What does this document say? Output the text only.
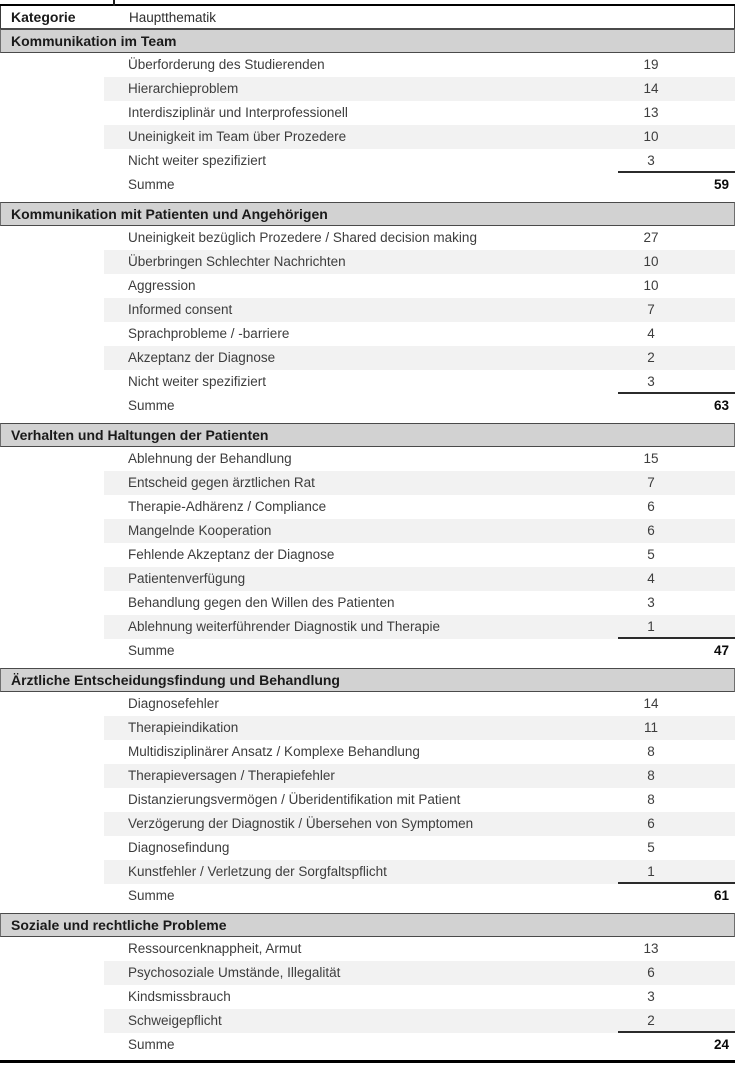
Kategorie	Hauptthematik
Kommunikation im Team
Überforderung des Studierenden	19
Hierarchieproblem	14
Interdisziplinär und Interprofessionell	13
Uneinigkeit im Team über Prozedere	10
Nicht weiter spezifiziert	3
Summe	59
Kommunikation mit Patienten und Angehörigen
Uneinigkeit bezüglich Prozedere / Shared decision making	27
Überbringen Schlechter Nachrichten	10
Aggression	10
Informed consent	7
Sprachprobleme / -barriere	4
Akzeptanz der Diagnose	2
Nicht weiter spezifiziert	3
Summe	63
Verhalten und Haltungen der Patienten
Ablehnung der Behandlung	15
Entscheid gegen ärztlichen Rat	7
Therapie-Adhärenz / Compliance	6
Mangelnde Kooperation	6
Fehlende Akzeptanz der Diagnose	5
Patientenverfügung	4
Behandlung gegen den Willen des Patienten	3
Ablehnung weiterführender Diagnostik und Therapie	1
Summe	47
Ärztliche Entscheidungsfindung und Behandlung
Diagnosefehler	14
Therapieindikation	11
Multidisziplinärer Ansatz / Komplexe Behandlung	8
Therapieversagen / Therapiefehler	8
Distanzierungsvermögen / Überidentifikation mit Patient	8
Verzögerung der Diagnostik / Übersehen von Symptomen	6
Diagnosefindung	5
Kunstfehler / Verletzung der Sorgfaltspflicht	1
Summe	61
Soziale und rechtliche Probleme
Ressourcenknappheit, Armut	13
Psychosoziale Umstände, Illegalität	6
Kindsmissbrauch	3
Schweigepflicht	2
Summe	24
